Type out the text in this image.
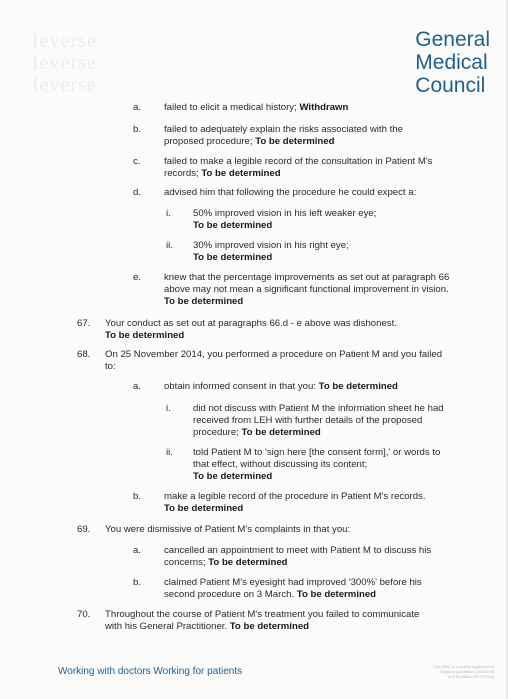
Ieverse
Ieverse
Ieverse
General
Medical
Council
a. failed to elicit a medical history; Withdrawn
b. failed to adequately explain the risks associated with the proposed procedure; To be determined
c. failed to make a legible record of the consultation in Patient M's records; To be determined
d. advised him that following the procedure he could expect a:
i. 50% improved vision in his left weaker eye;
To be determined
ii. 30% improved vision in his right eye;
To be determined
e. knew that the percentage improvements as set out at paragraph 66 above may not mean a significant functional improvement in vision. To be determined
67. Your conduct as set out at paragraphs 66.d - e above was dishonest.
To be determined
68. On 25 November 2014, you performed a procedure on Patient M and you failed to:
a. obtain informed consent in that you: To be determined
i. did not discuss with Patient M the information sheet he had received from LEH with further details of the proposed procedure; To be determined
ii. told Patient M to 'sign here [the consent form],' or words to that effect, without discussing its content;
To be determined
b. make a legible record of the procedure in Patient M's records.
To be determined
69. You were dismissive of Patient M's complaints in that you:
a. cancelled an appointment to meet with Patient M to discuss his concerns; To be determined
b. claimed Patient M's eyesight had improved '300%' before his second procedure on 3 March. To be determined
70. Throughout the course of Patient M's treatment you failed to communicate with his General Practitioner. To be determined
Working with doctors Working for patients	The GMC is a charity registered in
England and Wales (1089278)
and Scotland (SC037750)
